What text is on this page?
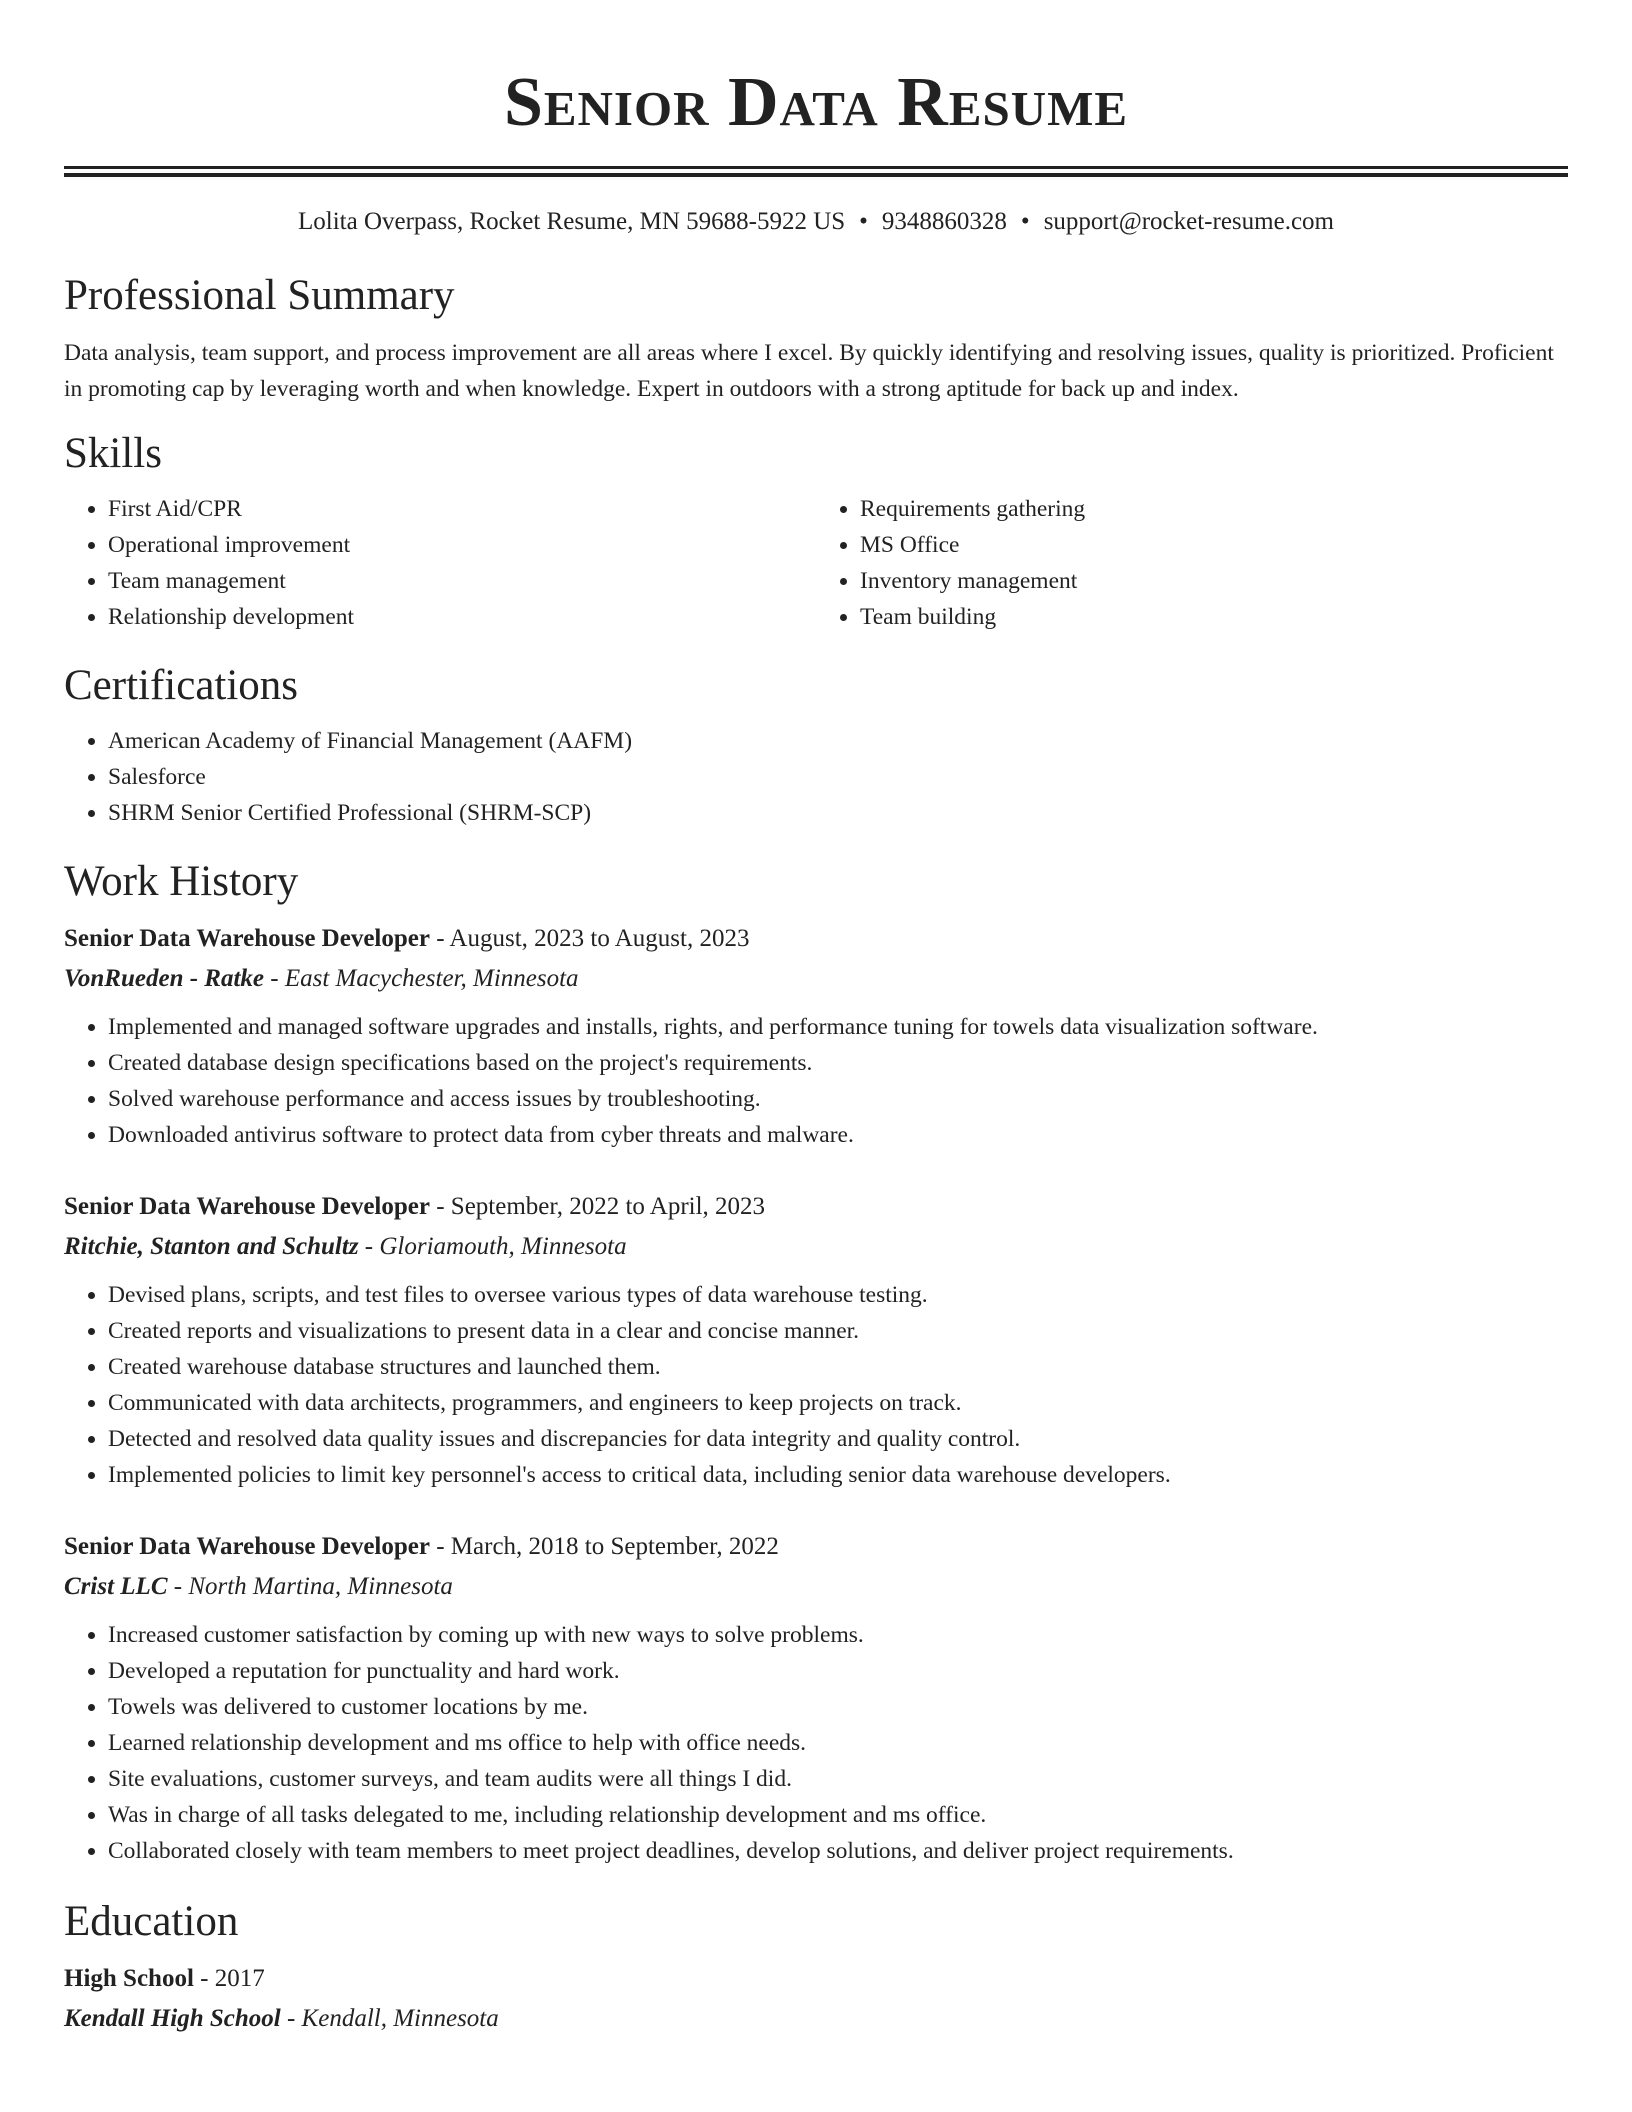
Senior Data Resume
Lolita Overpass, Rocket Resume, MN 59688-5922 US • 9348860328 • support@rocket-resume.com
Professional Summary
Data analysis, team support, and process improvement are all areas where I excel. By quickly identifying and resolving issues, quality is prioritized. Proficient in promoting cap by leveraging worth and when knowledge. Expert in outdoors with a strong aptitude for back up and index.
Skills
• First Aid/CPR
• Operational improvement
• Team management
• Relationship development
• Requirements gathering
• MS Office
• Inventory management
• Team building
Certifications
• American Academy of Financial Management (AAFM)
• Salesforce
• SHRM Senior Certified Professional (SHRM-SCP)
Work History
Senior Data Warehouse Developer - August, 2023 to August, 2023
VonRueden - Ratke - East Macychester, Minnesota
• Implemented and managed software upgrades and installs, rights, and performance tuning for towels data visualization software.
• Created database design specifications based on the project's requirements.
• Solved warehouse performance and access issues by troubleshooting.
• Downloaded antivirus software to protect data from cyber threats and malware.
Senior Data Warehouse Developer - September, 2022 to April, 2023
Ritchie, Stanton and Schultz - Gloriamouth, Minnesota
• Devised plans, scripts, and test files to oversee various types of data warehouse testing.
• Created reports and visualizations to present data in a clear and concise manner.
• Created warehouse database structures and launched them.
• Communicated with data architects, programmers, and engineers to keep projects on track.
• Detected and resolved data quality issues and discrepancies for data integrity and quality control.
• Implemented policies to limit key personnel's access to critical data, including senior data warehouse developers.
Senior Data Warehouse Developer - March, 2018 to September, 2022
Crist LLC - North Martina, Minnesota
• Increased customer satisfaction by coming up with new ways to solve problems.
• Developed a reputation for punctuality and hard work.
• Towels was delivered to customer locations by me.
• Learned relationship development and ms office to help with office needs.
• Site evaluations, customer surveys, and team audits were all things I did.
• Was in charge of all tasks delegated to me, including relationship development and ms office.
• Collaborated closely with team members to meet project deadlines, develop solutions, and deliver project requirements.
Education
High School - 2017
Kendall High School - Kendall, Minnesota
